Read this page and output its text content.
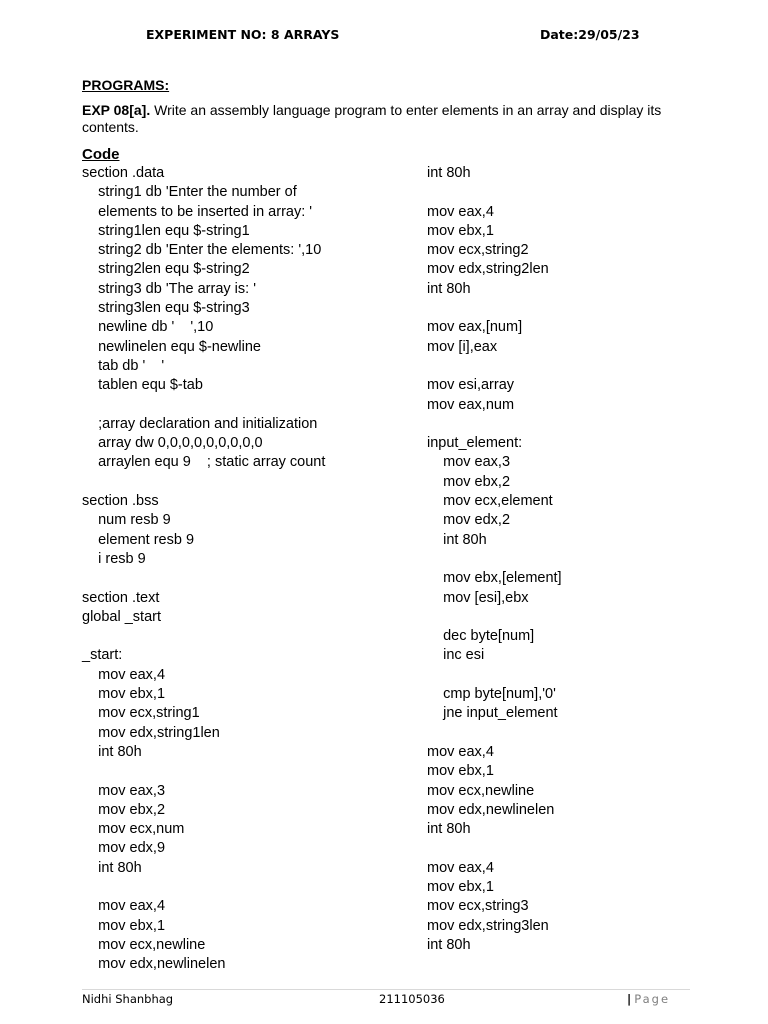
EXPERIMENT NO: 8 ARRAYS	Date:29/05/23
PROGRAMS:
EXP 08[a]. Write an assembly language program to enter elements in an array and display its contents.
Code
section .data
string1 db 'Enter the number of
elements to be inserted in array: '
string1len equ $-string1
string2 db 'Enter the elements: ',10
string2len equ $-string2
string3 db 'The array is: '
string3len equ $-string3
newline db '    ',10
newlinelen equ $-newline
tab db '    '
tablen equ $-tab
;array declaration and initialization
array dw 0,0,0,0,0,0,0,0,0
arraylen equ 9    ; static array count
section .bss
num resb 9
element resb 9
i resb 9
section .text
global _start
_start:
mov eax,4
mov ebx,1
mov ecx,string1
mov edx,string1len
int 80h
mov eax,3
mov ebx,2
mov ecx,num
mov edx,9
int 80h
mov eax,4
mov ebx,1
mov ecx,newline
mov edx,newlinelen
int 80h
mov eax,4
mov ebx,1
mov ecx,string2
mov edx,string2len
int 80h
mov eax,[num]
mov [i],eax
mov esi,array
mov eax,num
input_element:
mov eax,3
mov ebx,2
mov ecx,element
mov edx,2
int 80h
mov ebx,[element]
mov [esi],ebx
dec byte[num]
inc esi
cmp byte[num],'0'
jne input_element
mov eax,4
mov ebx,1
mov ecx,newline
mov edx,newlinelen
int 80h
mov eax,4
mov ebx,1
mov ecx,string3
mov edx,string3len
int 80h
Nidhi Shanbhag	211105036	| Page
